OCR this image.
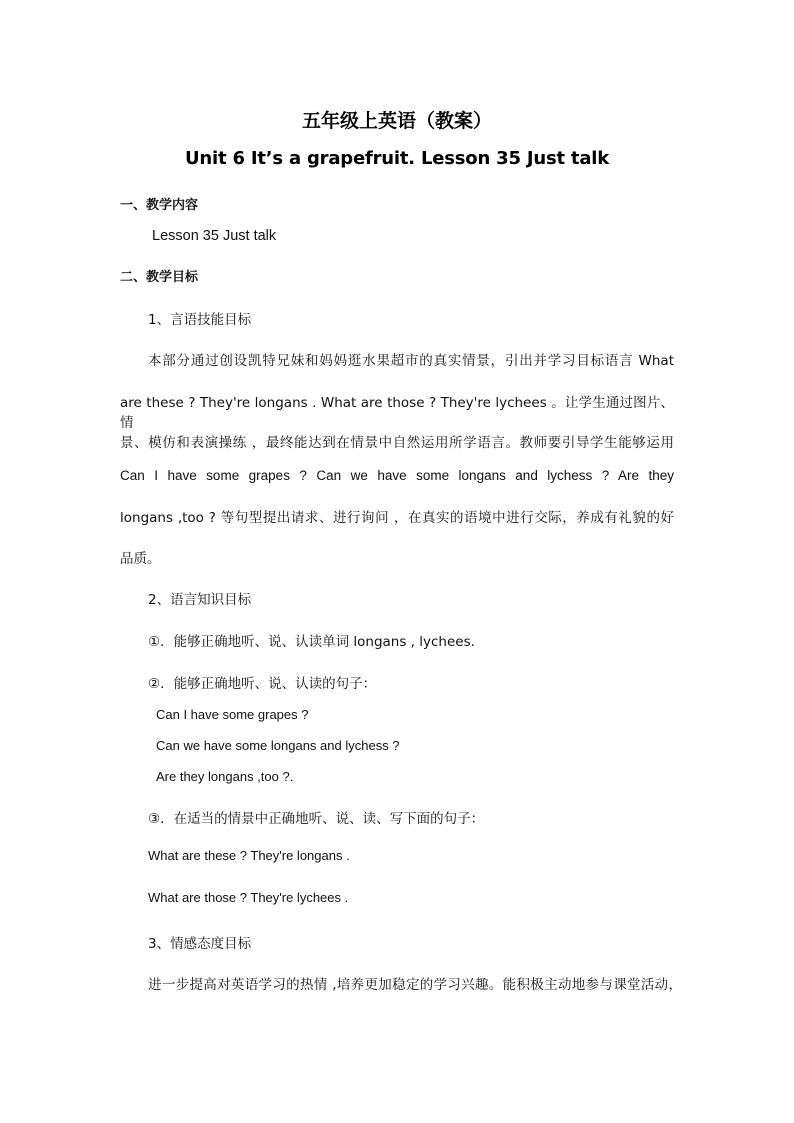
五年级上英语（教案）
Unit 6 It’s a grapefruit. Lesson 35 Just talk

一、教学内容

Lesson 35 Just talk

二、教学目标

1、言语技能目标

本部分通过创设凯特兄妹和妈妈逛水果超市的真实情景，引出并学习目标语言 What

are these ? They're longans . What are those ? They're lychees 。让学生通过图片、情

景、模仿和表演操练 ，最终能达到在情景中自然运用所学语言。教师要引导学生能够运用

Can I have some grapes ? Can we have some longans and lychess ? Are they

longans ,too ? 等句型提出请求、进行询问 ，在真实的语境中进行交际，养成有礼貌的好

品质。

2、语言知识目标

①．能够正确地听、说、认读单词 longans , lychees.

②．能够正确地听、说、认读的句子：

Can I have some grapes ?

Can we have some longans and lychess ?

Are they longans ,too ?.

③．在适当的情景中正确地听、说、读、写下面的句子：

What are these ? They're longans .

What are those ? They're lychees .

3、情感态度目标

进一步提高对英语学习的热情 ,培养更加稳定的学习兴趣。能积极主动地参与课堂活动，
